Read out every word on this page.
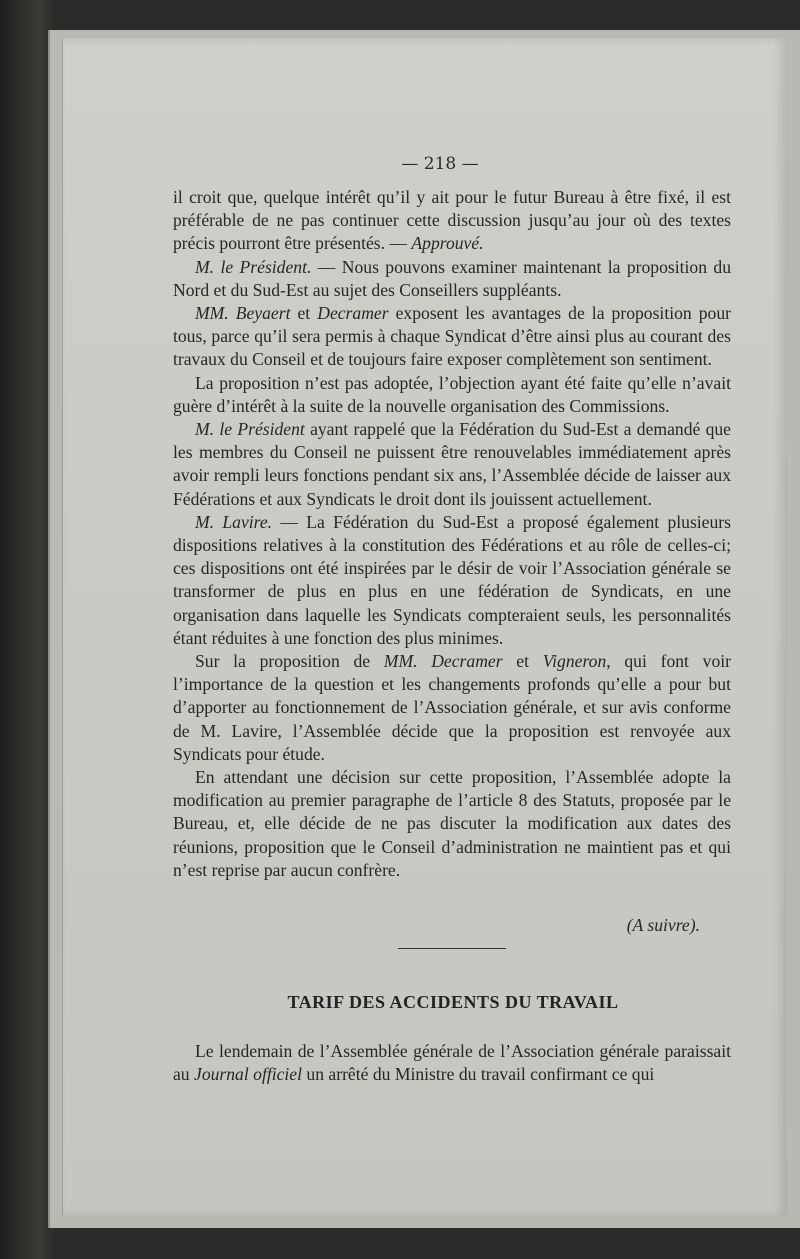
— 218 —

il croit que, quelque intérêt qu’il y ait pour le futur Bureau à être fixé, il est préférable de ne pas continuer cette discussion jusqu’au jour où des textes précis pourront être présentés. — Approuvé.

M. le Président. — Nous pouvons examiner maintenant la proposition du Nord et du Sud-Est au sujet des Conseillers suppléants.

MM. Beyaert et Decramer exposent les avantages de la proposition pour tous, parce qu’il sera permis à chaque Syndicat d’être ainsi plus au courant des travaux du Conseil et de toujours faire exposer complètement son sentiment.

La proposition n’est pas adoptée, l’objection ayant été faite qu’elle n’avait guère d’intérêt à la suite de la nouvelle organisation des Commissions.

M. le Président ayant rappelé que la Fédération du Sud-Est a demandé que les membres du Conseil ne puissent être renouvelables immédiatement après avoir rempli leurs fonctions pendant six ans, l’Assemblée décide de laisser aux Fédérations et aux Syndicats le droit dont ils jouissent actuellement.

M. Lavire. — La Fédération du Sud-Est a proposé également plusieurs dispositions relatives à la constitution des Fédérations et au rôle de celles-ci; ces dispositions ont été inspirées par le désir de voir l’Association générale se transformer de plus en plus en une fédération de Syndicats, en une organisation dans laquelle les Syndicats compteraient seuls, les personnalités étant réduites à une fonction des plus minimes.

Sur la proposition de MM. Decramer et Vigneron, qui font voir l’importance de la question et les changements profonds qu’elle a pour but d’apporter au fonctionnement de l’Association générale, et sur avis conforme de M. Lavire, l’Assemblée décide que la proposition est renvoyée aux Syndicats pour étude.

En attendant une décision sur cette proposition, l’Assemblée adopte la modification au premier paragraphe de l’article 8 des Statuts, proposée par le Bureau, et, elle décide de ne pas discuter la modification aux dates des réunions, proposition que le Conseil d’administration ne maintient pas et qui n’est reprise par aucun confrère.

(A suivre).
TARIF DES ACCIDENTS DU TRAVAIL

Le lendemain de l’Assemblée générale de l’Association générale paraissait au Journal officiel un arrêté du Ministre du travail confirmant ce qui
